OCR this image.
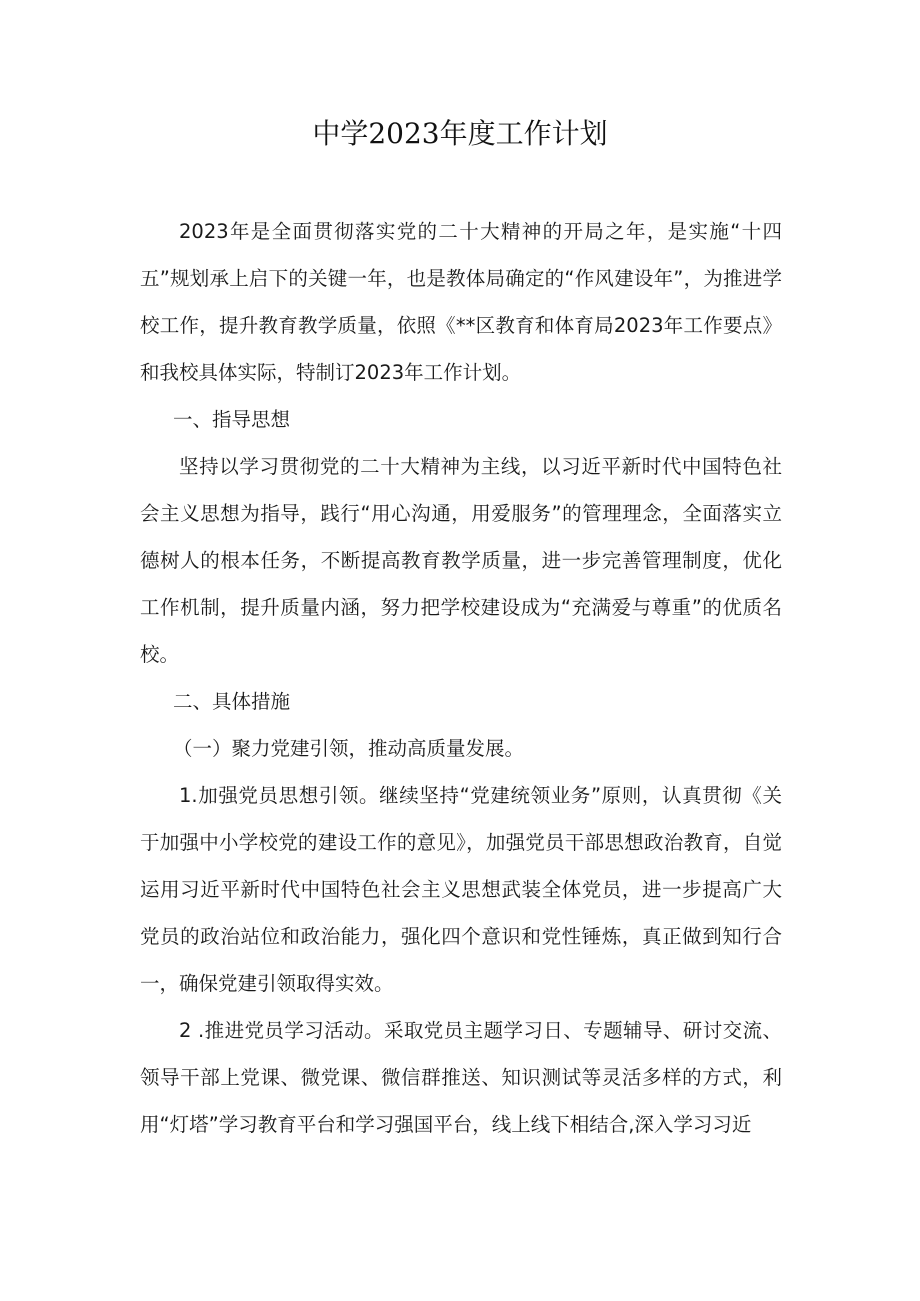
中学2023年度工作计划

2023年是全面贯彻落实党的二十大精神的开局之年，是实施“十四五”规划承上启下的关键一年，也是教体局确定的“作风建设年”，为推进学校工作，提升教育教学质量，依照《**区教育和体育局2023年工作要点》和我校具体实际，特制订2023年工作计划。

一、指导思想

坚持以学习贯彻党的二十大精神为主线，以习近平新时代中国特色社会主义思想为指导，践行“用心沟通，用爱服务”的管理理念，全面落实立德树人的根本任务，不断提高教育教学质量，进一步完善管理制度，优化工作机制，提升质量内涵，努力把学校建设成为“充满爱与尊重”的优质名校。

二、具体措施

（一）聚力党建引领，推动高质量发展。

1.加强党员思想引领。继续坚持“党建统领业务”原则，认真贯彻《关于加强中小学校党的建设工作的意见》，加强党员干部思想政治教育，自觉运用习近平新时代中国特色社会主义思想武装全体党员，进一步提高广大党员的政治站位和政治能力，强化四个意识和党性锤炼，真正做到知行合一，确保党建引领取得实效。

2 .推进党员学习活动。采取党员主题学习日、专题辅导、研讨交流、领导干部上党课、微党课、微信群推送、知识测试等灵活多样的方式，利用“灯塔”学习教育平台和学习强国平台，线上线下相结合,深入学习习近
